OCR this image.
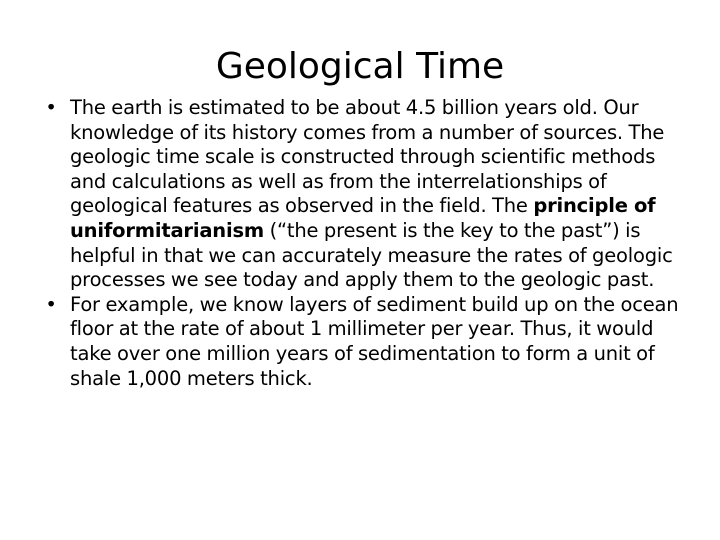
Geological Time
• The earth is estimated to be about 4.5 billion years old. Our knowledge of its history comes from a number of sources. The geologic time scale is constructed through scientific methods and calculations as well as from the interrelationships of geological features as observed in the field. The principle of uniformitarianism (“the present is the key to the past”) is helpful in that we can accurately measure the rates of geologic processes we see today and apply them to the geologic past.
• For example, we know layers of sediment build up on the ocean floor at the rate of about 1 millimeter per year. Thus, it would take over one million years of sedimentation to form a unit of shale 1,000 meters thick.
